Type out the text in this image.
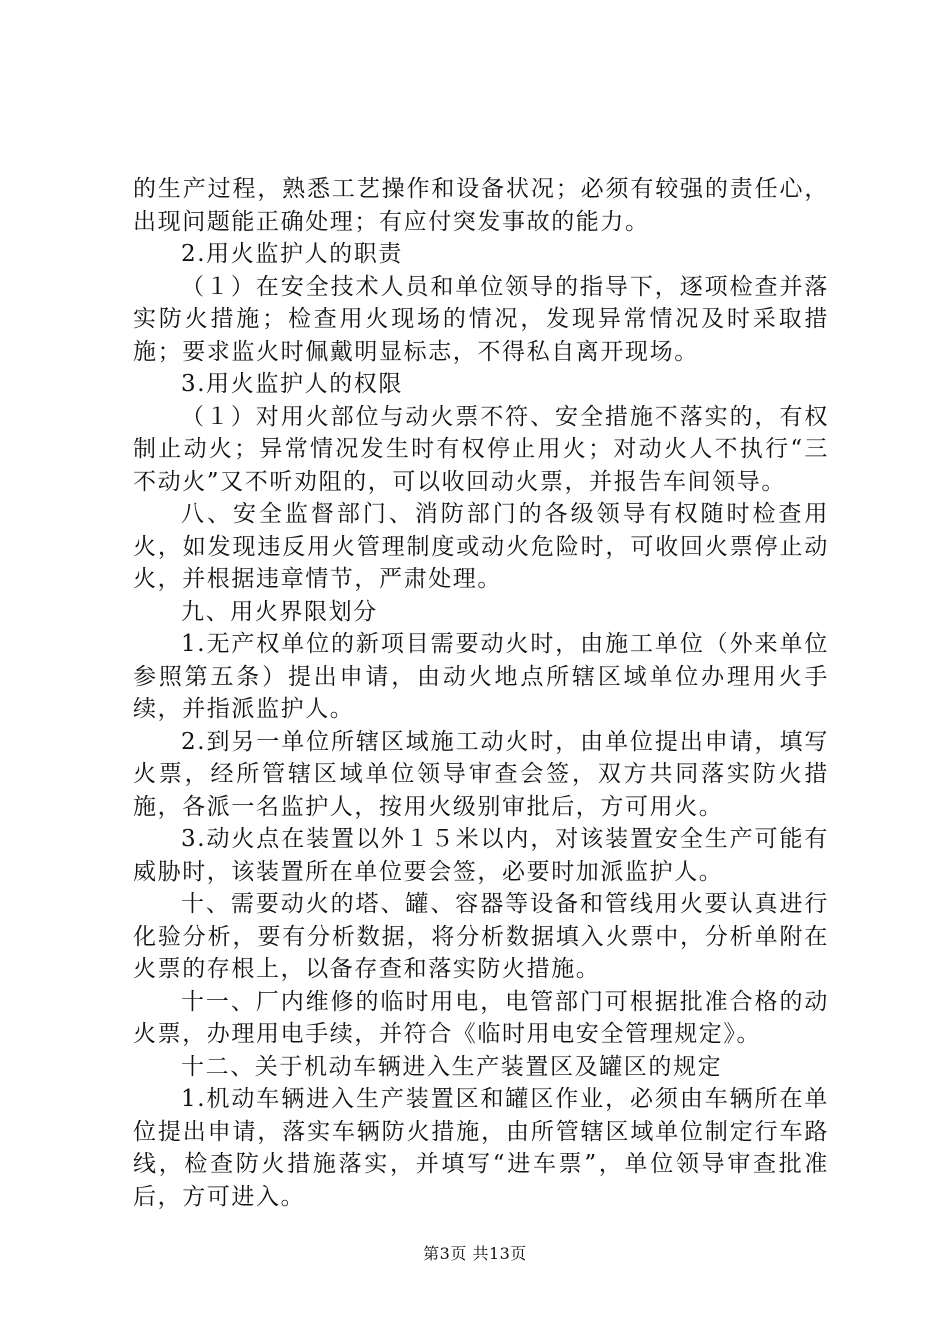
的生产过程，熟悉工艺操作和设备状况；必须有较强的责任心，出现问题能正确处理；有应付突发事故的能力。

2.用火监护人的职责

（１）在安全技术人员和单位领导的指导下，逐项检查并落实防火措施；检查用火现场的情况，发现异常情况及时采取措施；要求监火时佩戴明显标志，不得私自离开现场。

3.用火监护人的权限

（１）对用火部位与动火票不符、安全措施不落实的，有权制止动火；异常情况发生时有权停止用火；对动火人不执行“三不动火”又不听劝阻的，可以收回动火票，并报告车间领导。

八、安全监督部门、消防部门的各级领导有权随时检查用火，如发现违反用火管理制度或动火危险时，可收回火票停止动火，并根据违章情节，严肃处理。

九、用火界限划分

1.无产权单位的新项目需要动火时，由施工单位（外来单位参照第五条）提出申请，由动火地点所辖区域单位办理用火手续，并指派监护人。

2.到另一单位所辖区域施工动火时，由单位提出申请，填写火票，经所管辖区域单位领导审查会签，双方共同落实防火措施，各派一名监护人，按用火级别审批后，方可用火。

3.动火点在装置以外１５米以内，对该装置安全生产可能有威胁时，该装置所在单位要会签，必要时加派监护人。

十、需要动火的塔、罐、容器等设备和管线用火要认真进行化验分析，要有分析数据，将分析数据填入火票中，分析单附在火票的存根上，以备存查和落实防火措施。

十一、厂内维修的临时用电，电管部门可根据批准合格的动火票，办理用电手续，并符合《临时用电安全管理规定》。

十二、关于机动车辆进入生产装置区及罐区的规定

1.机动车辆进入生产装置区和罐区作业，必须由车辆所在单位提出申请，落实车辆防火措施，由所管辖区域单位制定行车路线，检查防火措施落实，并填写“进车票”，单位领导审查批准后，方可进入。

第3页 共13页
